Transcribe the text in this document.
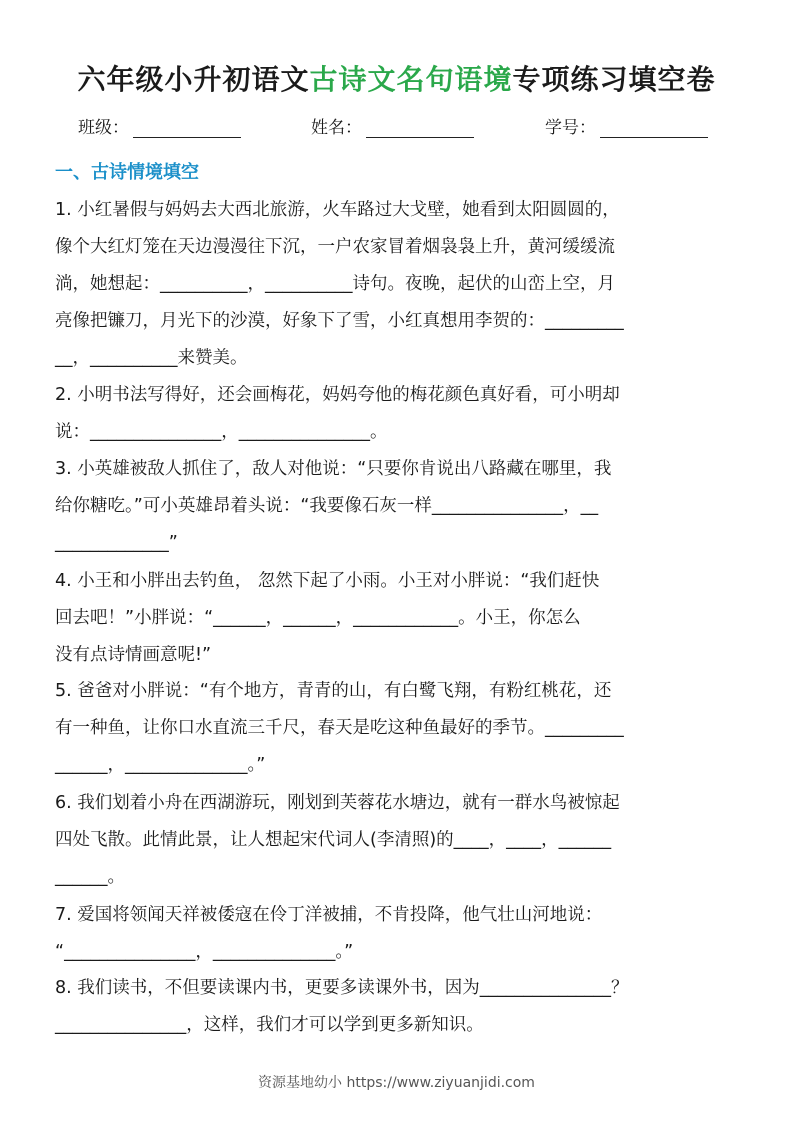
六年级小升初语文古诗文名句语境专项练习填空卷
班级：	姓名：	学号：
一、古诗情境填空
1. 小红暑假与妈妈去大西北旅游，火车路过大戈壁，她看到太阳圆圆的，
像个大红灯笼在天边漫漫往下沉，一户农家冒着烟袅袅上升，黄河缓缓流
淌，她想起：__________，__________诗句。夜晚，起伏的山峦上空，月
亮像把镰刀，月光下的沙漠，好象下了雪，小红真想用李贺的：_________
__，__________来赞美。
2. 小明书法写得好，还会画梅花，妈妈夸他的梅花颜色真好看，可小明却
说：_______________，_______________。
3. 小英雄被敌人抓住了，敌人对他说：“只要你肯说出八路藏在哪里，我
给你糖吃。”可小英雄昂着头说：“我要像石灰一样_______________，__
_____________”
4. 小王和小胖出去钓鱼， 忽然下起了小雨。小王对小胖说：“我们赶快
回去吧！”小胖说：“______，______，____________。小王，你怎么
没有点诗情画意呢!”
5. 爸爸对小胖说：“有个地方，青青的山，有白鹭飞翔，有粉红桃花，还
有一种鱼，让你口水直流三千尺，春天是吃这种鱼最好的季节。_________
______，______________。”
6. 我们划着小舟在西湖游玩，刚划到芙蓉花水塘边，就有一群水鸟被惊起
四处飞散。此情此景，让人想起宋代词人(李清照)的____，____，______
______。
7. 爱国将领闻天祥被倭寇在伶丁洋被捕，不肯投降，他气壮山河地说：
“_______________，______________。”
8. 我们读书，不但要读课内书，更要多读课外书，因为_______________？
_______________，这样，我们才可以学到更多新知识。
资源基地幼小 https://www.ziyuanjidi.com
